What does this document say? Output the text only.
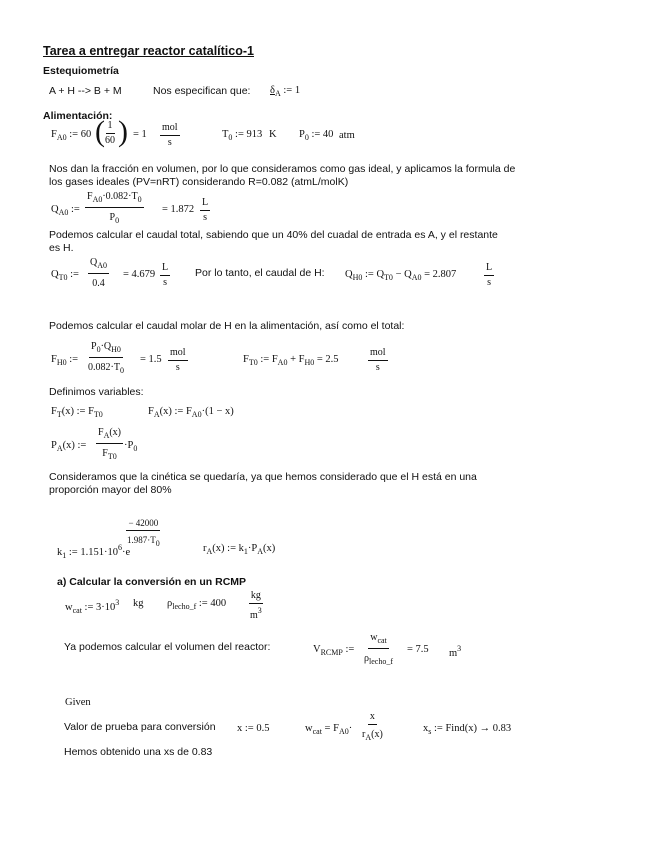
Tarea a entregar reactor catalítico-1
Estequiometría
A + H --> B + M	Nos especifican que: $\delta_A$ := 1
Alimentación:
$F_{A0}$ := 60 (
$\frac{1}{60}$ ) = 1
mol
s
$T_0$ := 913 K $P_0$ := 40 atm
Nos dan la fracción en volumen, por lo que consideramos como gas ideal, y aplicamos la formula de
los gases ideales (PV=nRT) considerando R=0.082 (atmL/molK)
$Q_{A0}$ := $\frac{F_{A0}\cdot 0.082\cdot T_0}{P_0} = 1.872 \frac{L}{s}$
Podemos calcular el caudal total, sabiendo que un 40% del cuadal de entrada es A, y el restante
es H.
$Q_{T0}$ := $\frac{Q_{A0}}{0.4} = 4.679 \frac{L}{s}$ Por lo tanto, el caudal de H: $Q_{H0}$ := $Q_{T0} - Q_{A0} = 2.807$	$\frac{L}{s}$
Podemos calcular el caudal molar de H en la alimentación, así como el total:
$F_{H0}$ := $\frac{P_0\cdot Q_{H0}}{0.082\cdot T_0} = 1.5$
mol
s
$F_{T0}$ := $F_{A0} + F_{H0} = 2.5$
mol
s
Definimos variables:
$F_T(x)$ := $F_{T0}$	$F_A(x)$ := $F_{A0}\cdot(1 - x)$
$P_A(x)$ := $\frac{F_A(x)}{F_{T0}} \cdot P_0$
Consideramos que la cinética se quedaría, ya que hemos considerado que el H está en una
proporción mayor del 80%
$k_1$ := $1.151\cdot 10^6\cdot e$
$\frac{- 42000}{1.987\cdot T_0}$	$r_A(x)$ := $k_1\cdot P_A(x)$
a) Calcular la conversión en un RCMP
$w_{cat}$ := $3\cdot 10^3$ kg $\rho_{lecho\_f}$ := $400 \frac{kg}{m^3}$
Ya podemos calcular el volumen del reactor:	$V_{RCMP}$ :=
$w_{cat}$
$\rho_{lecho\_f}$
= 7.5 $m^3$
Given
Valor de prueba para conversión x := 0.5	$w_{cat} = F_{A0}\cdot \frac{x}{r_A(x)}$	$x_s$ := Find(x) → 0.83
Hemos obtenido una xs de 0.83
